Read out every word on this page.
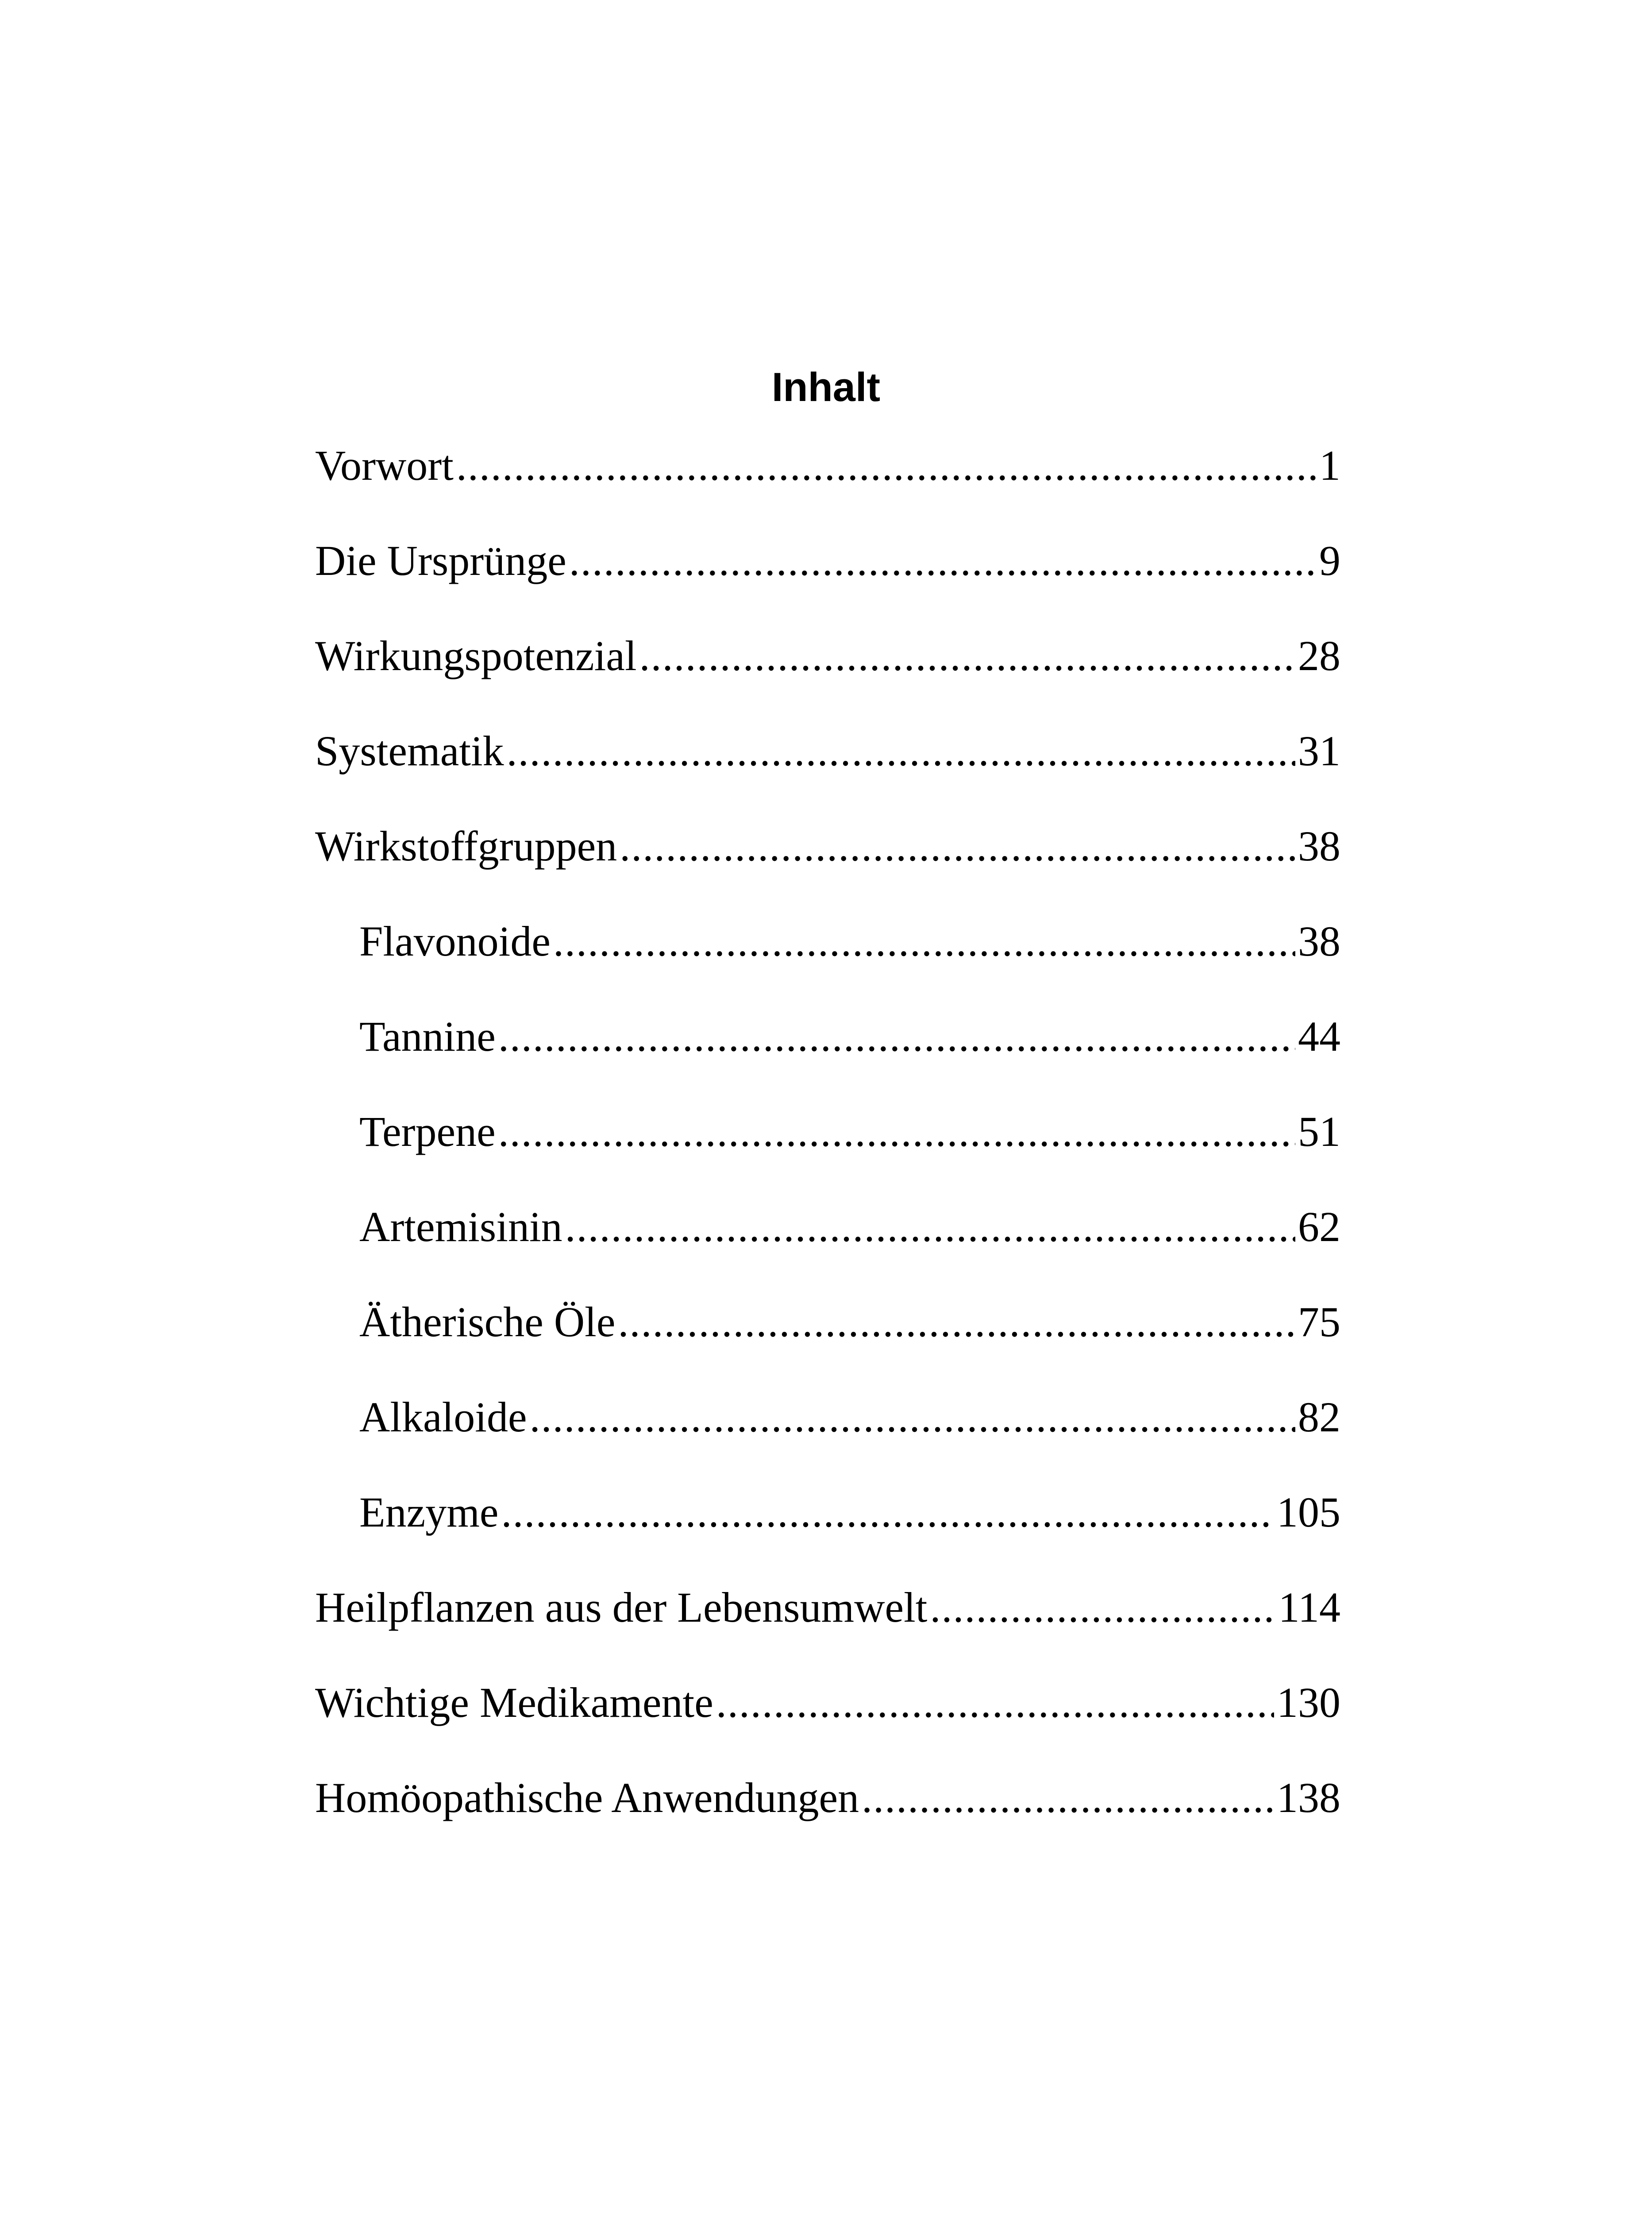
Inhalt
Vorwort .....	1
Die Ursprünge .....	9
Wirkungspotenzial .....	28
Systematik .....	31
Wirkstoffgruppen .....	38
Flavonoide .....	38
Tannine .....	44
Terpene .....	51
Artemisinin .....	62
Ätherische Öle .....	75
Alkaloide .....	82
Enzyme .....	105
Heilpflanzen aus der Lebensumwelt .....	114
Wichtige Medikamente .....	130
Homöopathische Anwendungen .....	138
